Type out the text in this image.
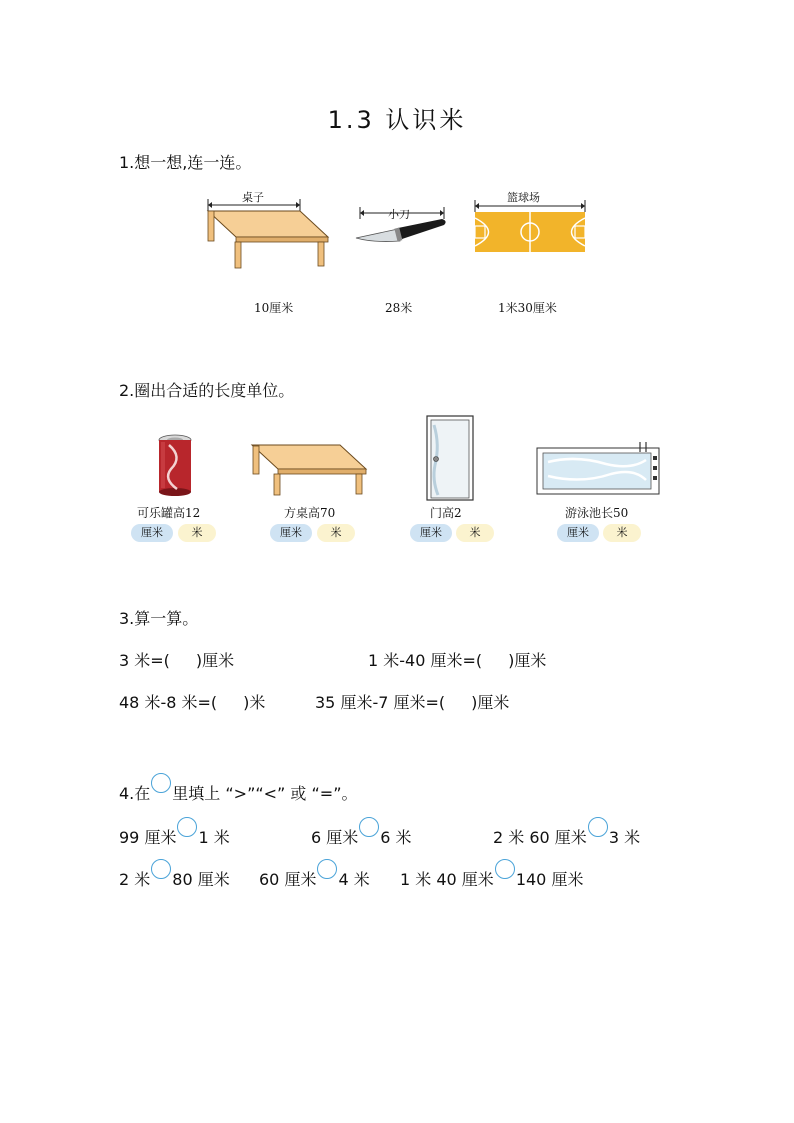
1.3 认识米
1.想一想,连一连。
桌子
小刀
篮球场
10厘米	28米	1米30厘米
2.圈出合适的长度单位。
可乐罐高12	方桌高70	门高2	游泳池长50
厘米	米	厘米	米	厘米	米	厘米	米
3.算一算。
3 米=( )厘米	1 米-40 厘米=( )厘米
48 米-8 米=( )米	35 厘米-7 厘米=( )厘米
4.在 里填上 “>”“<” 或 “=”。
99 厘米 1 米	6 厘米 6 米	2 米 60 厘米 3 米
2 米 80 厘米 60 厘米 4 米 1 米 40 厘米 140 厘米
